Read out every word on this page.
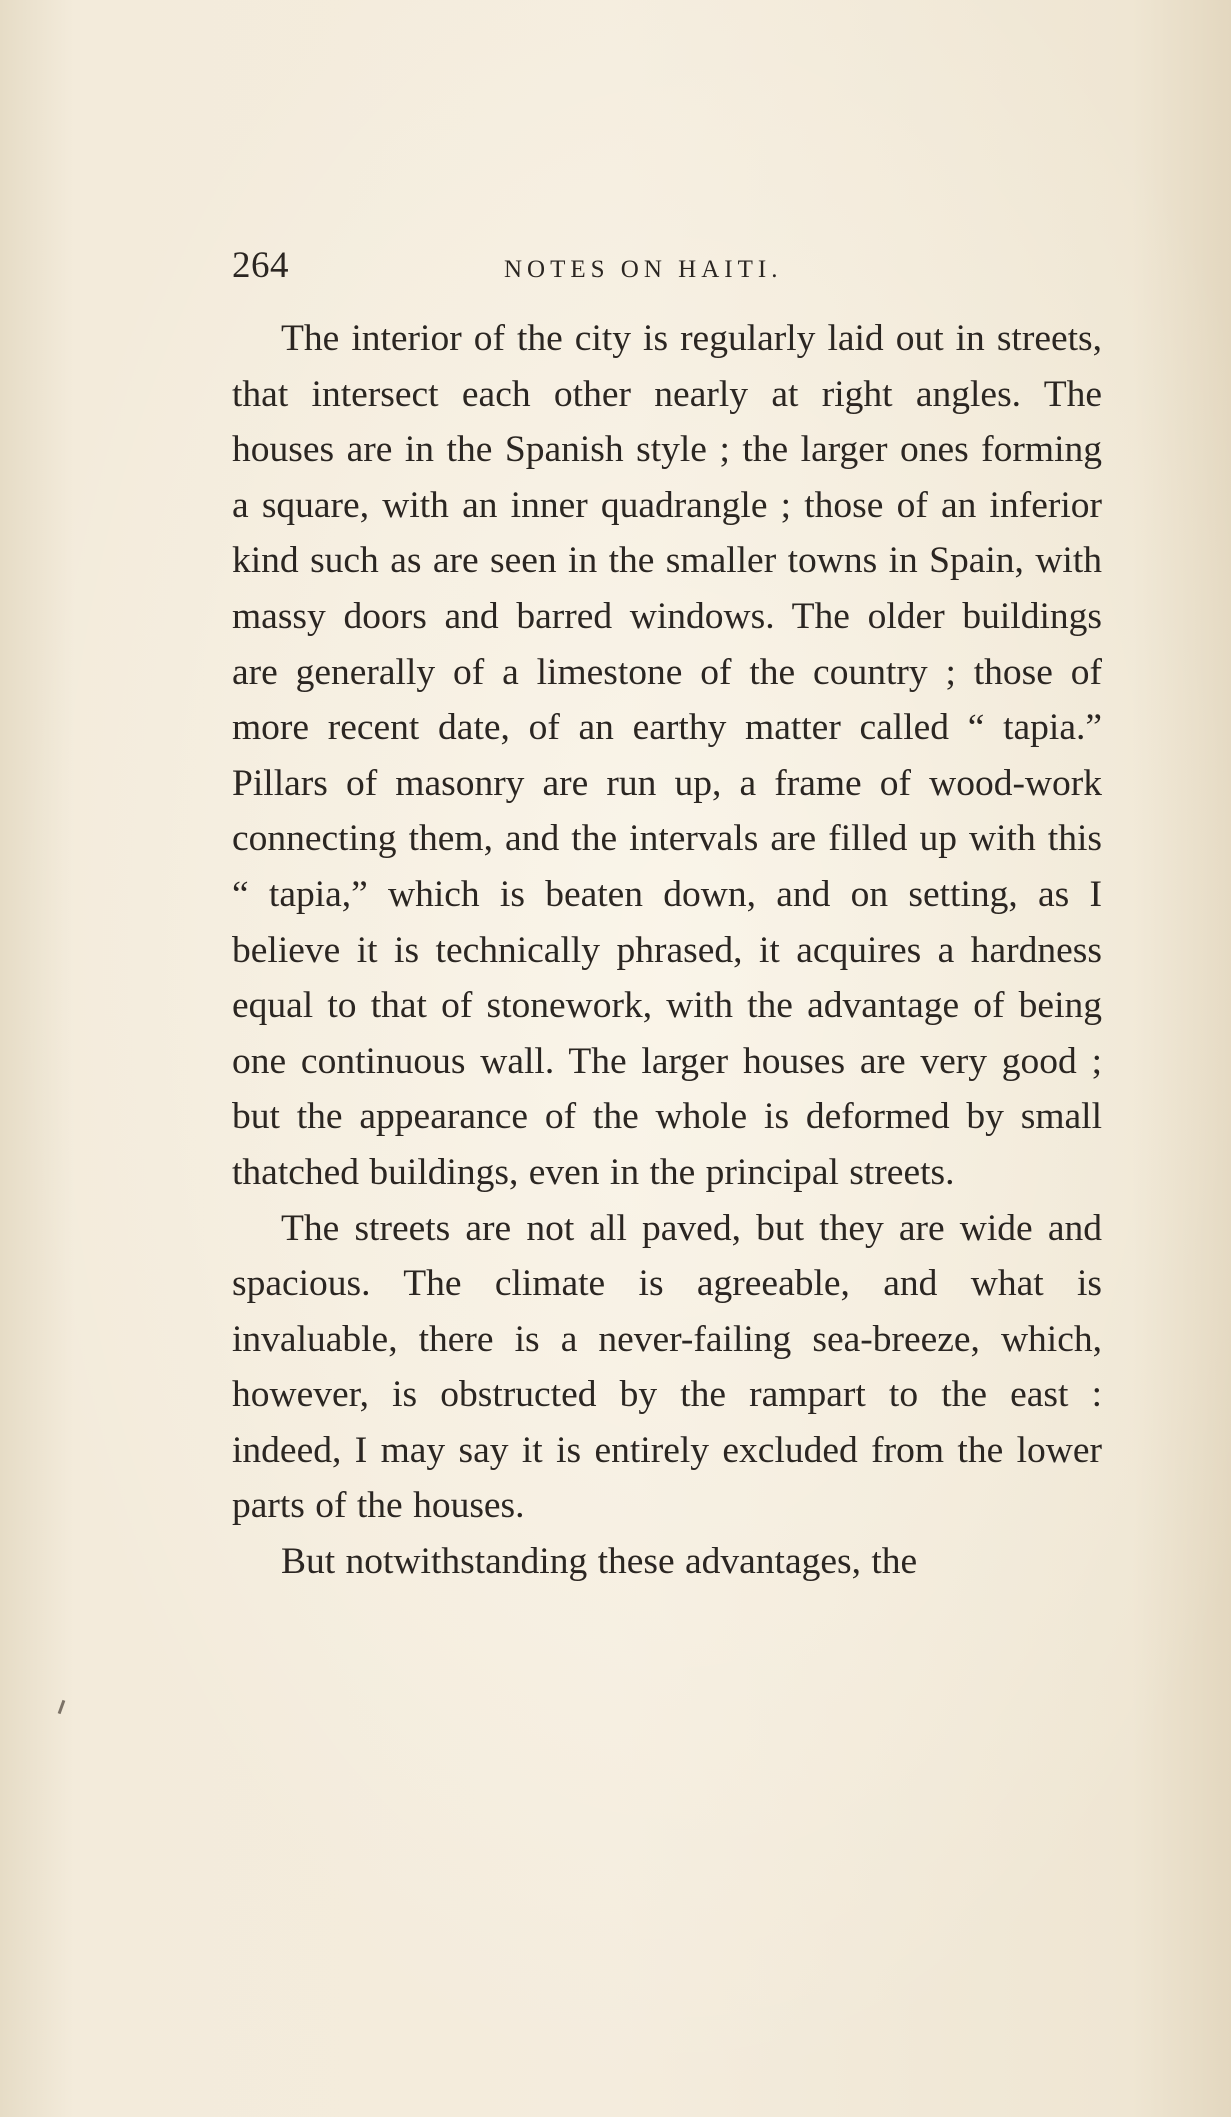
264	NOTES ON HAITI.

The interior of the city is regularly laid out in streets, that intersect each other nearly at right angles. The houses are in the Spanish style ; the larger ones forming a square, with an inner quadrangle ; those of an inferior kind such as are seen in the smaller towns in Spain, with massy doors and barred windows. The older buildings are generally of a limestone of the country ; those of more recent date, of an earthy matter called “ tapia.” Pillars of masonry are run up, a frame of wood-work connecting them, and the intervals are filled up with this “ tapia,” which is beaten down, and on setting, as I believe it is technically phrased, it acquires a hardness equal to that of stonework, with the advantage of being one continuous wall. The larger houses are very good ; but the appearance of the whole is deformed by small thatched buildings, even in the principal streets.

The streets are not all paved, but they are wide and spacious. The climate is agreeable, and what is invaluable, there is a never-failing sea-breeze, which, however, is obstructed by the rampart to the east : indeed, I may say it is entirely excluded from the lower parts of the houses.

But notwithstanding these advantages, the
